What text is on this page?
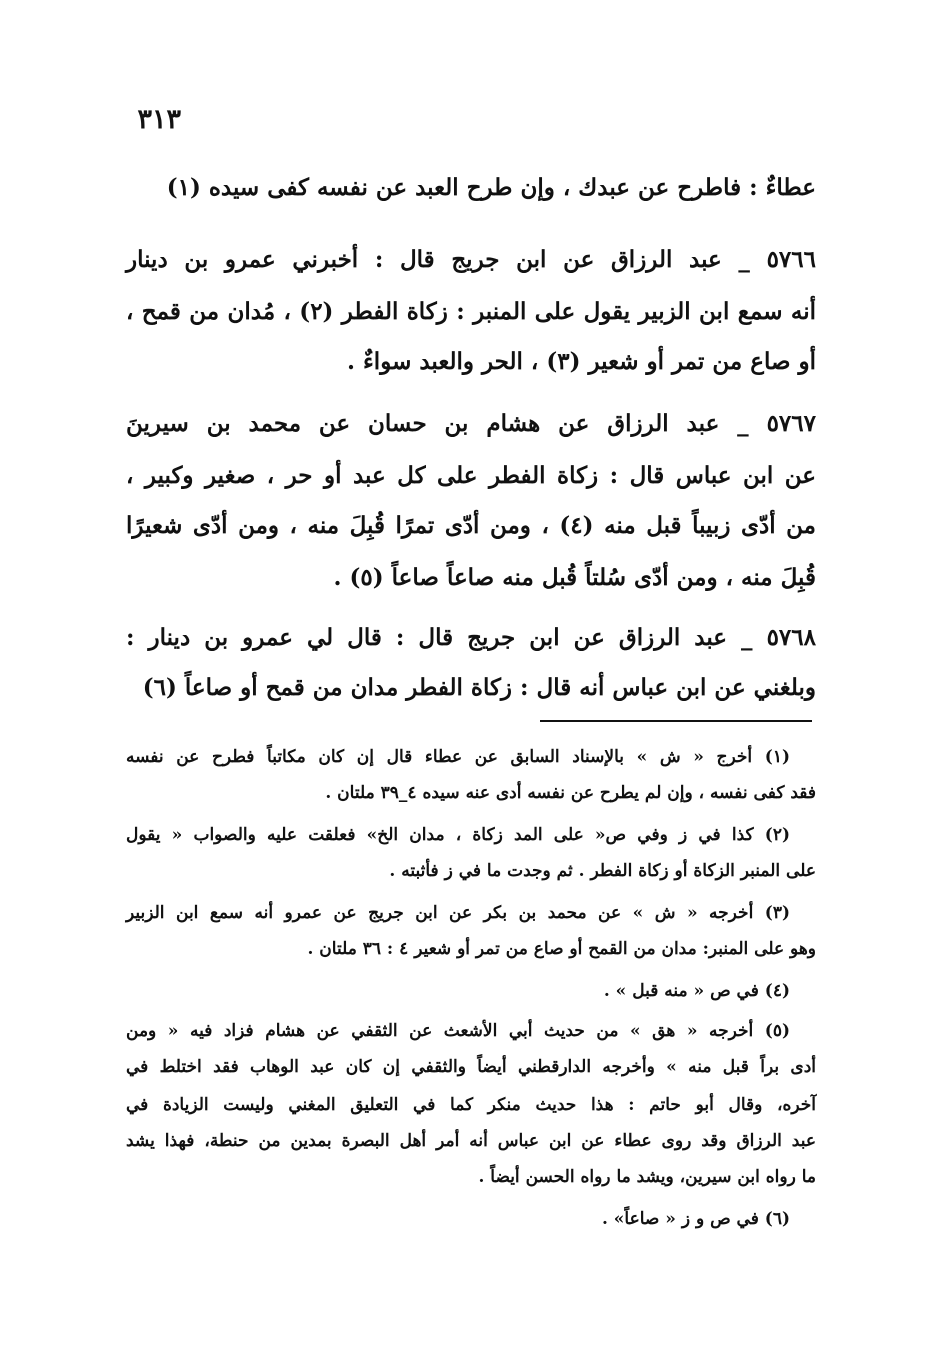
٣١٣
عطاءٌ : فاطرح عن عبدك ، وإن طرح العبد عن نفسه كفى سيده (١)
٥٧٦٦ _ عبد الرزاق عن ابن جريج قال : أخبرني عمرو بن دينار
أنه سمع ابن الزبير يقول على المنبر : زكاة الفطر (٢) ، مُدان من قمح ،
أو صاع من تمر أو شعير (٣) ، الحر والعبد سواءٌ .
٥٧٦٧ _ عبد الرزاق عن هشام بن حسان عن محمد بن سيرينَ
عن ابن عباس قال : زكاة الفطر على كل عبد أو حر ، صغير وكبير ،
من أدّى زبيباً قبل منه (٤) ، ومن أدّى تمرًا قُبِلَ منه ، ومن أدّى شعيرًا
قُبِلَ منه ، ومن أدّى سُلتاً قُبل منه صاعاً صاعاً (٥) .
٥٧٦٨ _ عبد الرزاق عن ابن جريج قال : قال لي عمرو بن دينار :
وبلغني عن ابن عباس أنه قال : زكاة الفطر مدان من قمح أو صاعاً (٦)
(١) أخرج « ش » بالإسناد السابق عن عطاء قال إن كان مكاتباً فطرح عن نفسه
فقد كفى نفسه ، وإن لم يطرح عن نفسه أدى عنه سيده ٤_٣٩ ملتان .
(٢) كذا في ز وفي ص« على المد زكاة ، مدان الخ» فعلقت عليه والصواب « يقول
على المنبر الزكاة أو زكاة الفطر . ثم وجدت ما في ز فأثبته .
(٣) أخرجه « ش » عن محمد بن بكر عن ابن جريج عن عمرو أنه سمع ابن الزبير
وهو على المنبر: مدان من القمح أو صاع من تمر أو شعير ٤ : ٣٦ ملتان .
(٤) في ص « منه قبل » .
(٥) أخرجه « هق » من حديث أبي الأشعث عن الثقفي عن هشام فزاد فيه « ومن
أدى براً قبل منه » وأخرجه الدارقطني أيضاً والثقفي إن كان عبد الوهاب فقد اختلط في
آخره، وقال أبو حاتم : هذا حديث منكر كما في التعليق المغني وليست الزيادة في
عبد الرزاق وقد روى عطاء عن ابن عباس أنه أمر أهل البصرة بمدين من حنطة، فهذا يشد
ما رواه ابن سيرين، ويشد ما رواه الحسن أيضاً .
(٦) في ص و ز « صاعاً» .
